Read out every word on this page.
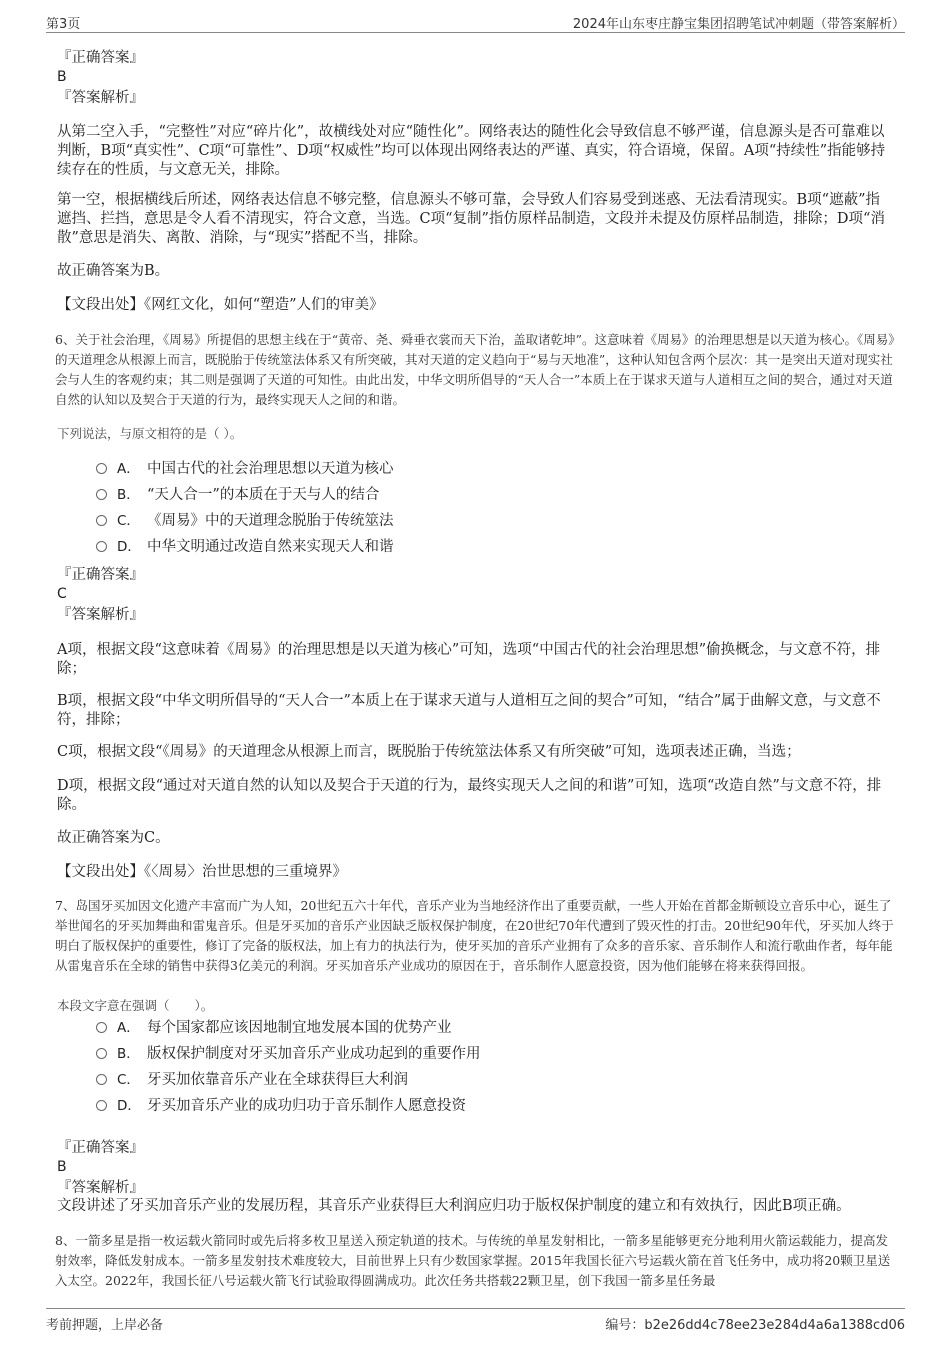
第3页	2024年山东枣庄静宝集团招聘笔试冲刺题（带答案解析）
『正确答案』
B
『答案解析』

从第二空入手，“完整性”对应“碎片化”，故横线处对应“随性化”。网络表达的随性化会导致信息不够严谨，信息源头是否可靠难以判断，B项“真实性”、C项“可靠性”、D项“权威性”均可以体现出网络表达的严谨、真实，符合语境，保留。A项“持续性”指能够持续存在的性质，与文意无关，排除。

第一空，根据横线后所述，网络表达信息不够完整，信息源头不够可靠，会导致人们容易受到迷惑、无法看清现实。B项“遮蔽”指遮挡、拦挡，意思是令人看不清现实，符合文意，当选。C项“复制”指仿原样品制造，文段并未提及仿原样品制造，排除；D项“消散”意思是消失、离散、消除，与“现实”搭配不当，排除。

故正确答案为B。

【文段出处】《网红文化，如何“塑造”人们的审美》

6、关于社会治理，《周易》所提倡的思想主线在于“黄帝、尧、舜垂衣裳而天下治，盖取诸乾坤”。这意味着《周易》的治理思想是以天道为核心。《周易》的天道理念从根源上而言，既脱胎于传统筮法体系又有所突破，其对天道的定义趋向于“易与天地准”，这种认知包含两个层次：其一是突出天道对现实社会与人生的客观约束；其二则是强调了天道的可知性。由此出发，中华文明所倡导的“天人合一”本质上在于谋求天道与人道相互之间的契合，通过对天道自然的认知以及契合于天道的行为，最终实现天人之间的和谐。

下列说法，与原文相符的是（ ）。

A． 中国古代的社会治理思想以天道为核心
B． “天人合一”的本质在于天与人的结合
C． 《周易》中的天道理念脱胎于传统筮法
D． 中华文明通过改造自然来实现天人和谐
『正确答案』
C
『答案解析』

A项，根据文段“这意味着《周易》的治理思想是以天道为核心”可知，选项“中国古代的社会治理思想”偷换概念，与文意不符，排除；

B项，根据文段“中华文明所倡导的“天人合一”本质上在于谋求天道与人道相互之间的契合”可知，“结合”属于曲解文意，与文意不符，排除；

C项，根据文段“《周易》的天道理念从根源上而言，既脱胎于传统筮法体系又有所突破”可知，选项表述正确，当选；

D项，根据文段“通过对天道自然的认知以及契合于天道的行为，最终实现天人之间的和谐”可知，选项“改造自然”与文意不符，排除。

故正确答案为C。

【文段出处】《〈周易〉治世思想的三重境界》

7、岛国牙买加因文化遗产丰富而广为人知，20世纪五六十年代，音乐产业为当地经济作出了重要贡献，一些人开始在首都金斯顿设立音乐中心，诞生了举世闻名的牙买加舞曲和雷鬼音乐。但是牙买加的音乐产业因缺乏版权保护制度，在20世纪70年代遭到了毁灭性的打击。20世纪90年代，牙买加人终于明白了版权保护的重要性，修订了完备的版权法，加上有力的执法行为，使牙买加的音乐产业拥有了众多的音乐家、音乐制作人和流行歌曲作者，每年能从雷鬼音乐在全球的销售中获得3亿美元的利润。牙买加音乐产业成功的原因在于，音乐制作人愿意投资，因为他们能够在将来获得回报。

本段文字意在强调（　　）。

A． 每个国家都应该因地制宜地发展本国的优势产业
B． 版权保护制度对牙买加音乐产业成功起到的重要作用
C． 牙买加依靠音乐产业在全球获得巨大利润
D． 牙买加音乐产业的成功归功于音乐制作人愿意投资
『正确答案』
B
『答案解析』

文段讲述了牙买加音乐产业的发展历程，其音乐产业获得巨大利润应归功于版权保护制度的建立和有效执行，因此B项正确。

8、一箭多星是指一枚运载火箭同时或先后将多枚卫星送入预定轨道的技术。与传统的单星发射相比，一箭多星能够更充分地利用火箭运载能力，提高发射效率，降低发射成本。一箭多星发射技术难度较大，目前世界上只有少数国家掌握。2015年我国长征六号运载火箭在首飞任务中，成功将20颗卫星送入太空。2022年，我国长征八号运载火箭飞行试验取得圆满成功。此次任务共搭载22颗卫星，创下我国一箭多星任务最

考前押题，上岸必备	编号：b2e26dd4c78ee23e284d4a6a1388cd06
